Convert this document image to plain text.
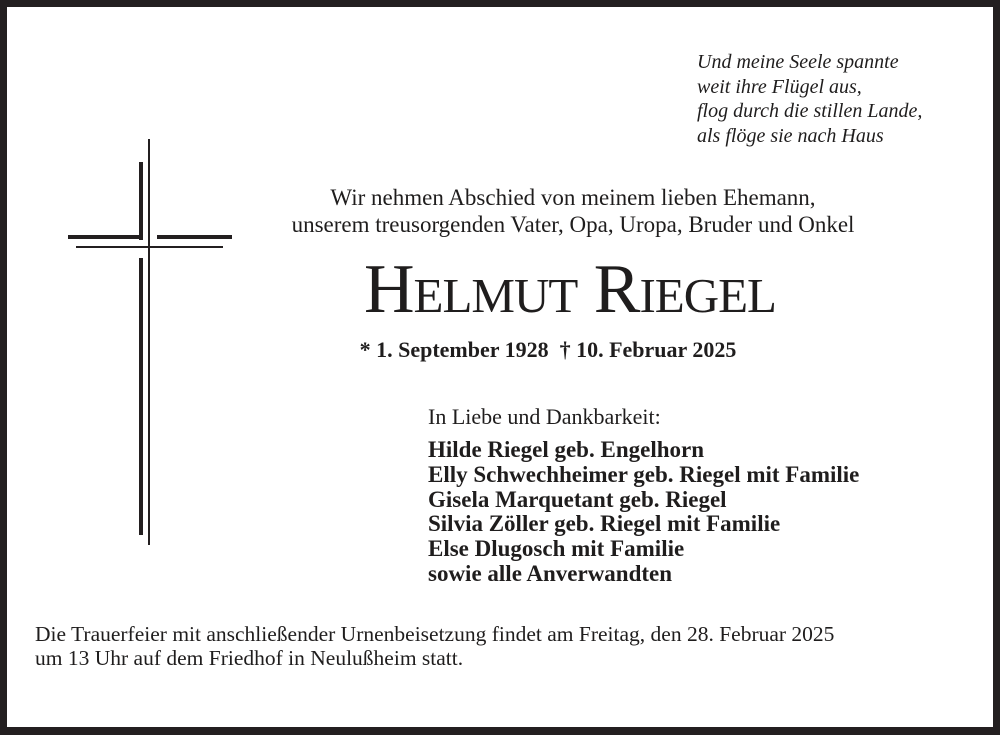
Und meine Seele spannte
weit ihre Flügel aus,
flog durch die stillen Lande,
als flöge sie nach Haus
Wir nehmen Abschied von meinem lieben Ehemann,
unserem treusorgenden Vater, Opa, Uropa, Bruder und Onkel
Helmut Riegel
* 1. September 1928  † 10. Februar 2025
In Liebe und Dankbarkeit:
Hilde Riegel geb. Engelhorn
Elly Schwechheimer geb. Riegel mit Familie
Gisela Marquetant geb. Riegel
Silvia Zöller geb. Riegel mit Familie
Else Dlugosch mit Familie
sowie alle Anverwandten
Die Trauerfeier mit anschließender Urnenbeisetzung findet am Freitag, den 28. Februar 2025
um 13 Uhr auf dem Friedhof in Neulußheim statt.
